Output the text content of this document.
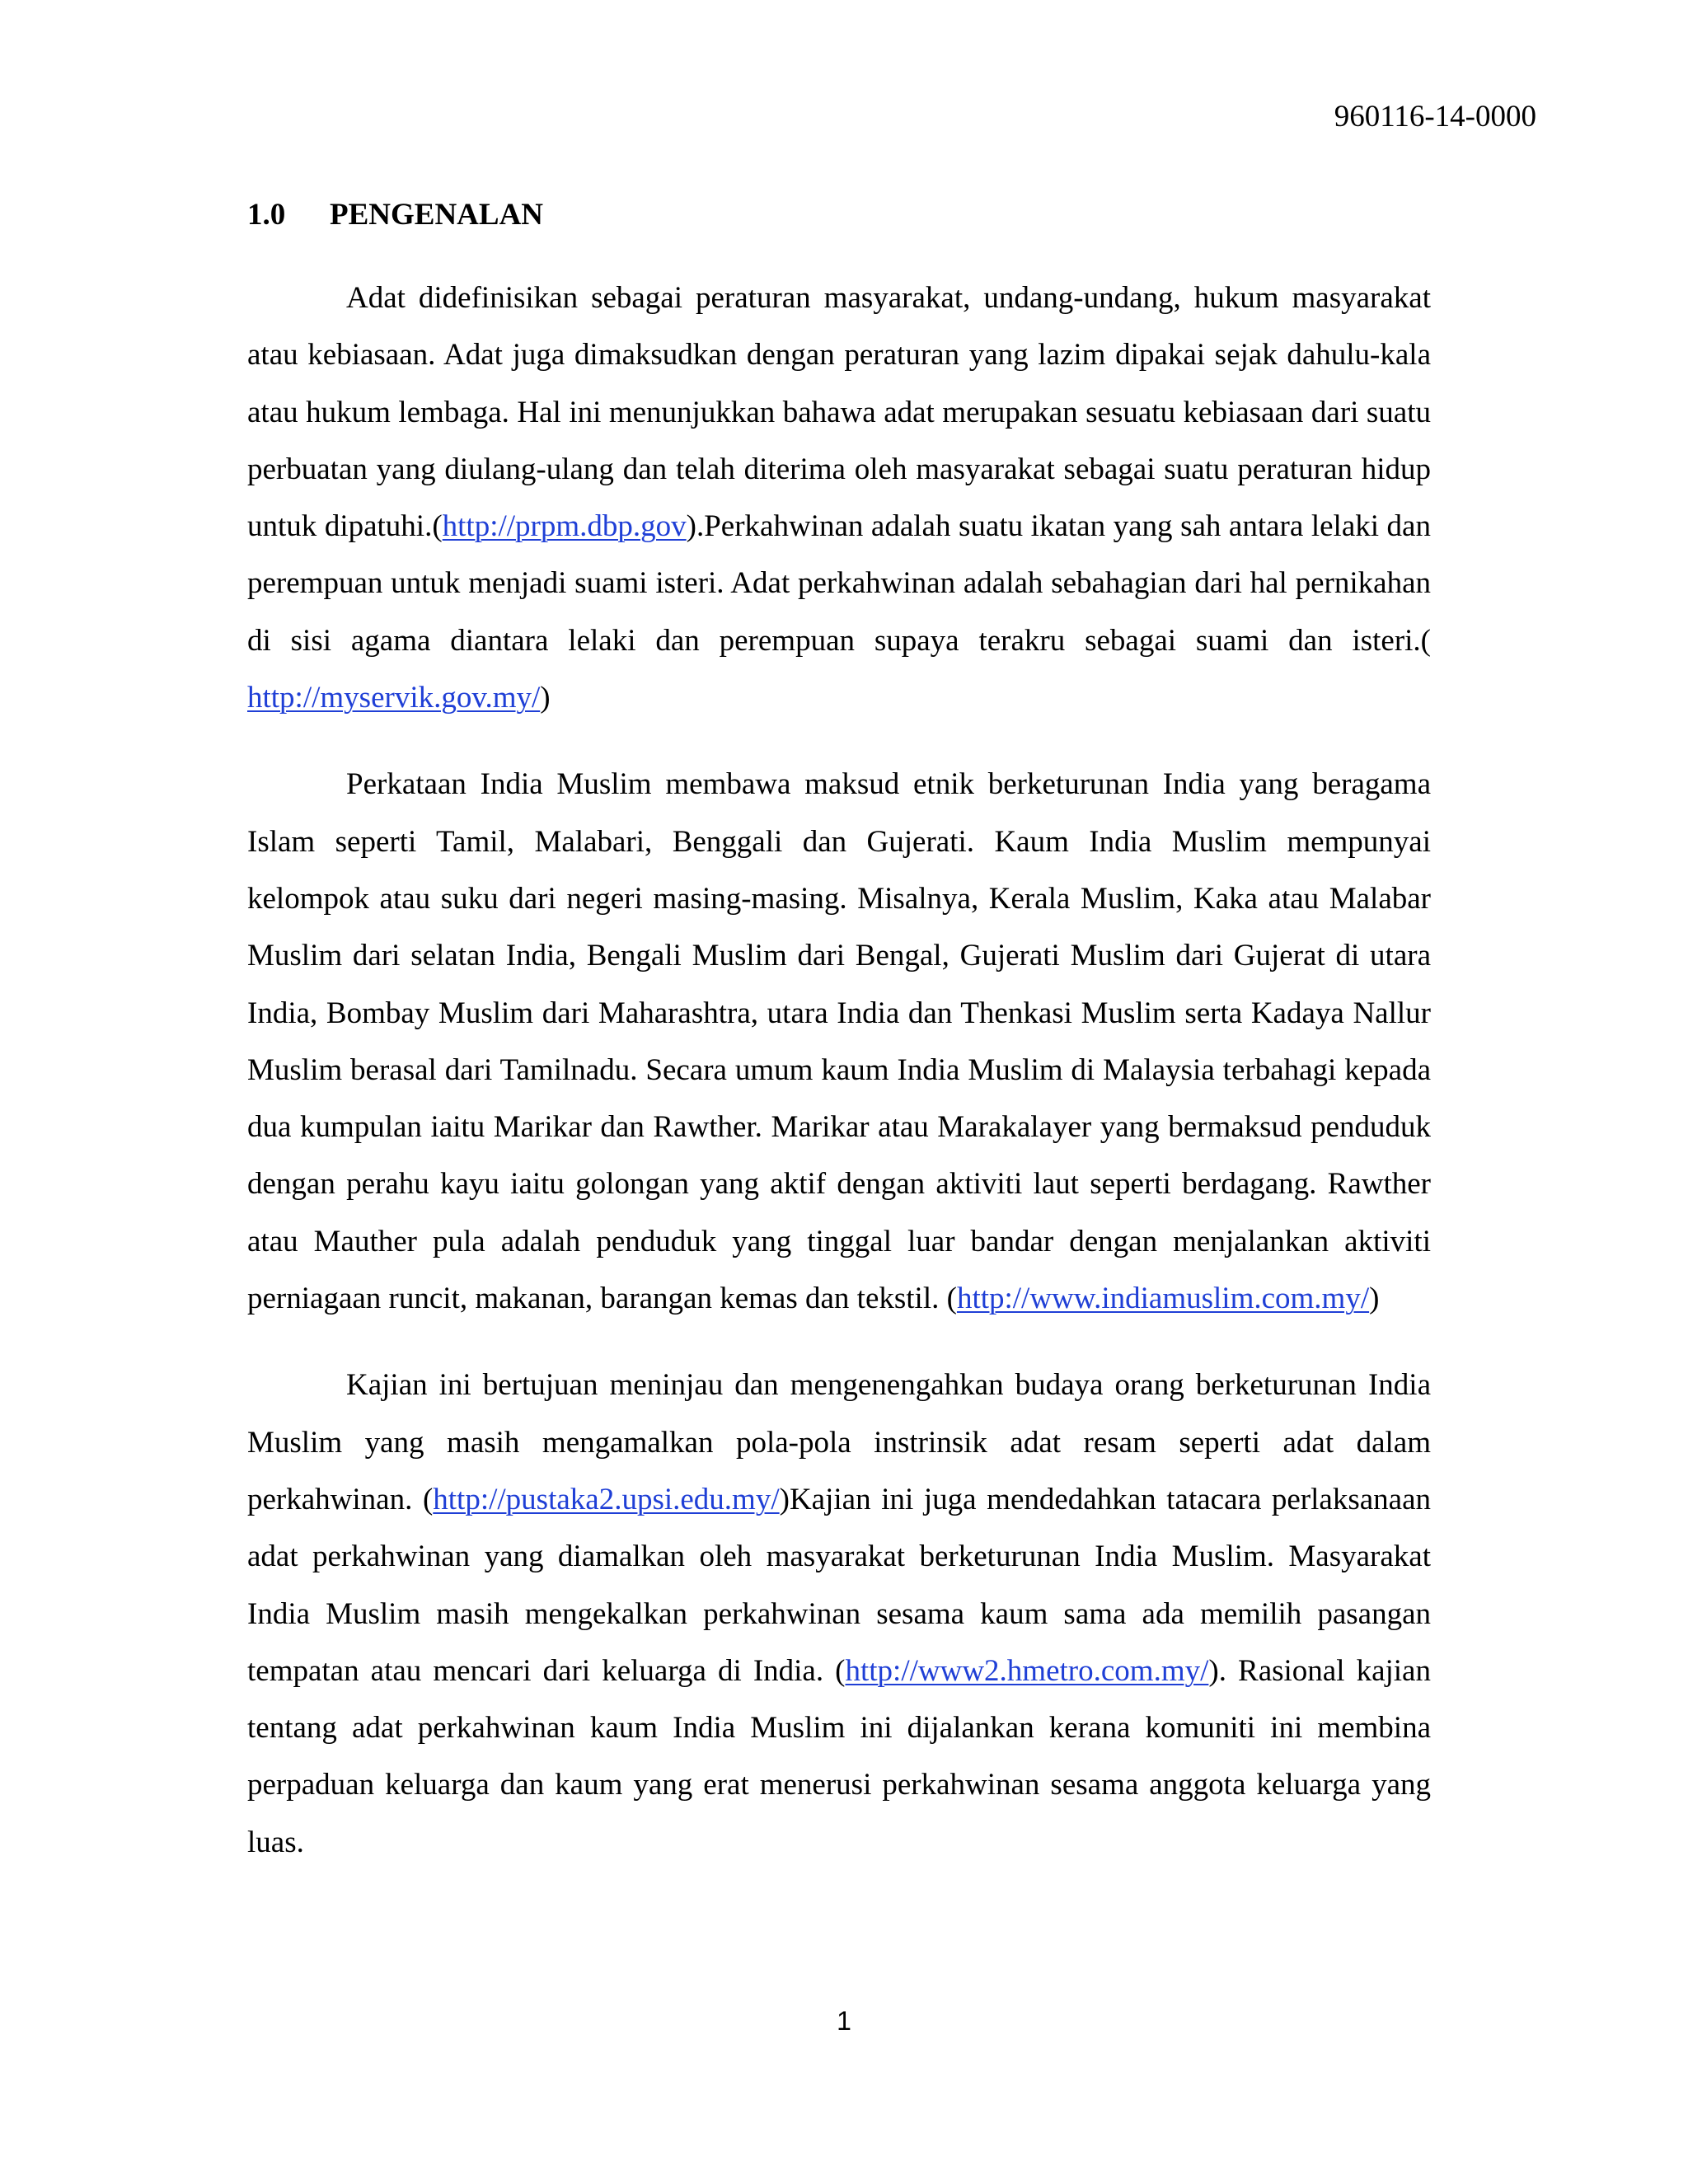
960116-14-0000
1.0	PENGENALAN

Adat didefinisikan sebagai peraturan masyarakat, undang-undang, hukum masyarakat atau kebiasaan. Adat juga dimaksudkan dengan peraturan yang lazim dipakai sejak dahulu-kala atau hukum lembaga. Hal ini menunjukkan bahawa adat merupakan sesuatu kebiasaan dari suatu perbuatan yang diulang-ulang dan telah diterima oleh masyarakat sebagai suatu peraturan hidup untuk dipatuhi.(http://prpm.dbp.gov).Perkahwinan adalah suatu ikatan yang sah antara lelaki dan perempuan untuk menjadi suami isteri. Adat perkahwinan adalah sebahagian dari hal pernikahan di sisi agama diantara lelaki dan perempuan supaya terakru sebagai suami dan isteri.( http://myservik.gov.my/)

Perkataan India Muslim membawa maksud etnik berketurunan India yang beragama Islam seperti Tamil, Malabari, Benggali dan Gujerati. Kaum India Muslim mempunyai kelompok atau suku dari negeri masing-masing. Misalnya, Kerala Muslim, Kaka atau Malabar Muslim dari selatan India, Bengali Muslim dari Bengal, Gujerati Muslim dari Gujerat di utara India, Bombay Muslim dari Maharashtra, utara India dan Thenkasi Muslim serta Kadaya Nallur Muslim berasal dari Tamilnadu. Secara umum kaum India Muslim di Malaysia terbahagi kepada dua kumpulan iaitu Marikar dan Rawther. Marikar atau Marakalayer yang bermaksud penduduk dengan perahu kayu iaitu golongan yang aktif dengan aktiviti laut seperti berdagang. Rawther atau Mauther pula adalah penduduk yang tinggal luar bandar dengan menjalankan aktiviti perniagaan runcit, makanan, barangan kemas dan tekstil. (http://www.indiamuslim.com.my/)

Kajian ini bertujuan meninjau dan mengenengahkan budaya orang berketurunan India Muslim yang masih mengamalkan pola-pola instrinsik adat resam seperti adat dalam perkahwinan. (http://pustaka2.upsi.edu.my/)Kajian ini juga mendedahkan tatacara perlaksanaan adat perkahwinan yang diamalkan oleh masyarakat berketurunan India Muslim. Masyarakat India Muslim masih mengekalkan perkahwinan sesama kaum sama ada memilih pasangan tempatan atau mencari dari keluarga di India. (http://www2.hmetro.com.my/). Rasional kajian tentang adat perkahwinan kaum India Muslim ini dijalankan kerana komuniti ini membina perpaduan keluarga dan kaum yang erat menerusi perkahwinan sesama anggota keluarga yang luas.

1
